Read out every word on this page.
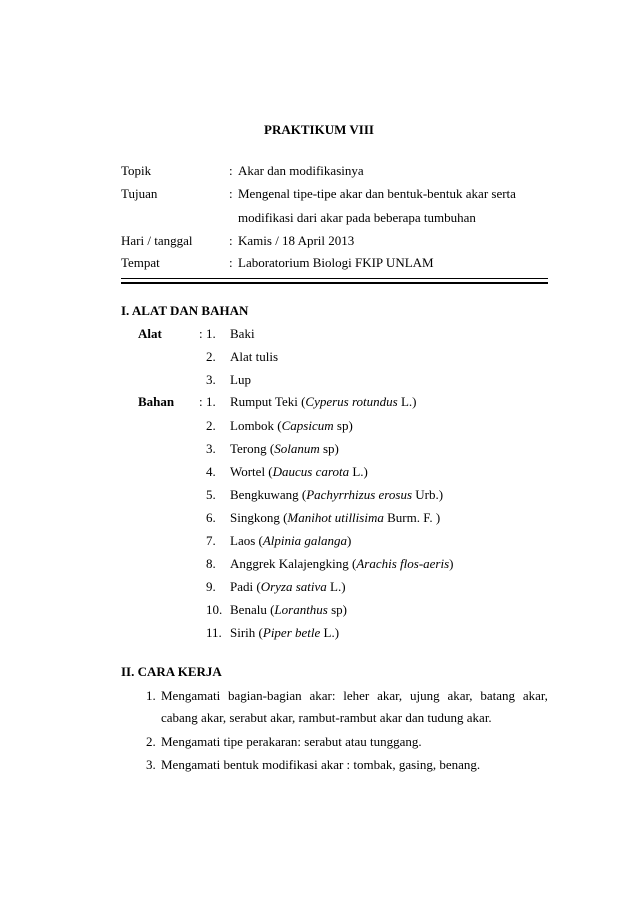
PRAKTIKUM VIII
Topik	: Akar dan modifikasinya
Tujuan	: Mengenal tipe-tipe akar dan bentuk-bentuk akar serta
modifikasi dari akar pada beberapa tumbuhan
Hari / tanggal	: Kamis / 18 April 2013
Tempat	: Laboratorium Biologi FKIP UNLAM
I. ALAT DAN BAHAN
Alat	: 1.	Baki
2.	Alat tulis
3.	Lup
Bahan : 1.	Rumput Teki (Cyperus rotundus L.)
2.	Lombok (Capsicum sp)
3.	Terong (Solanum sp)
4.	Wortel (Daucus carota L.)
5.	Bengkuwang (Pachyrrhizus erosus Urb.)
6.	Singkong (Manihot utillisima Burm. F. )
7.	Laos (Alpinia galanga)
8.	Anggrek Kalajengking (Arachis flos-aeris)
9.	Padi (Oryza sativa L.)
10. Benalu (Loranthus sp)
11. Sirih (Piper betle L.)
II. CARA KERJA
1. Mengamati bagian-bagian akar: leher akar, ujung akar, batang akar,
cabang akar, serabut akar, rambut-rambut akar dan tudung akar.
2. Mengamati tipe perakaran: serabut atau tunggang.
3. Mengamati bentuk modifikasi akar : tombak, gasing, benang.
